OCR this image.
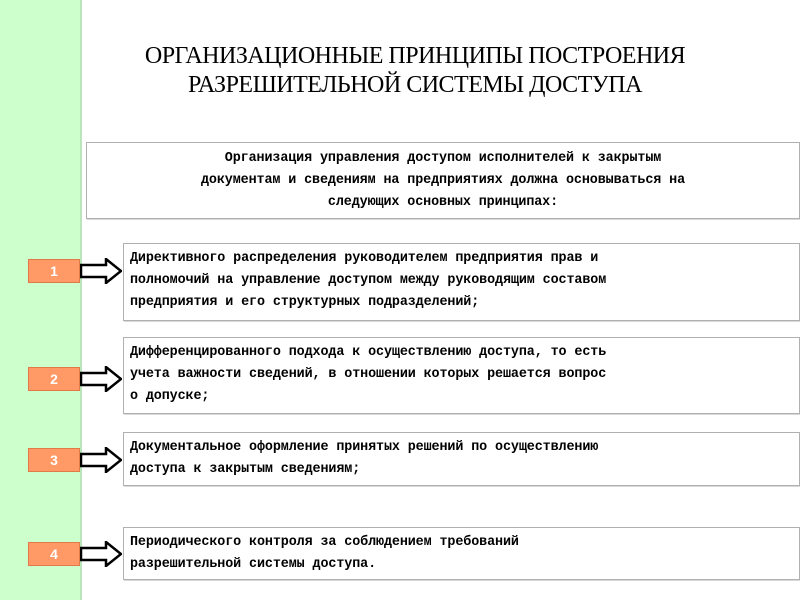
ОРГАНИЗАЦИОННЫЕ ПРИНЦИПЫ ПОСТРОЕНИЯ
РАЗРЕШИТЕЛЬНОЙ СИСТЕМЫ ДОСТУПА
Организация управления доступом исполнителей к закрытым
документам и сведениям на предприятиях должна основываться на
следующих основных принципах:
1
Директивного распределения руководителем предприятия прав и
полномочий на управление доступом между руководящим составом
предприятия и его структурных подразделений;
2
Дифференцированного подхода к осуществлению доступа, то есть
учета важности сведений, в отношении которых решается вопрос
о допуске;
3
Документальное оформление принятых решений по осуществлению
доступа к закрытым сведениям;
4
Периодического контроля за соблюдением требований
разрешительной системы доступа.
